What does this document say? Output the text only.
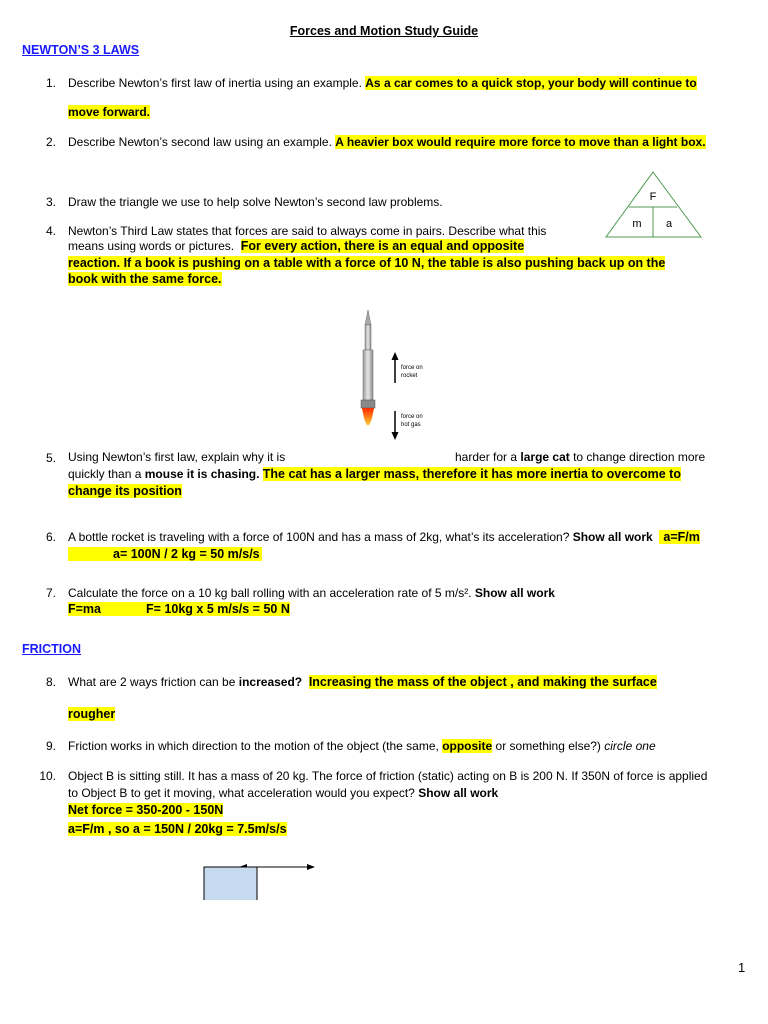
Forces and Motion Study Guide
NEWTON’S 3 LAWS
1. Describe Newton’s first law of inertia using an example. As a car comes to a quick stop, your body will continue to
move forward.
2. Describe Newton’s second law using an example. A heavier box would require more force to move than a light box.
3. Draw the triangle we use to help solve Newton’s second law problems.	F
m a
4. Newton’s Third Law states that forces are said to always come in pairs. Describe what this
means using words or pictures. For every action, there is an equal and opposite
reaction. If a book is pushing on a table with a force of 10 N, the table is also pushing back up on the
book with the same force.
force on
rocket
force on
hot gas
5. Using Newton’s first law, explain why it is	harder for a large cat to change direction more
quickly than a mouse it is chasing. The cat has a larger mass, therefore it has more inertia to overcome to
change its position
6. A bottle rocket is traveling with a force of 100N and has a mass of 2kg, what’s its acceleration? Show all work a=F/m
a= 100N / 2 kg = 50 m/s/s
7. Calculate the force on a 10 kg ball rolling with an acceleration rate of 5 m/s². Show all work
F=ma	F= 10kg x 5 m/s/s = 50 N
FRICTION
8. What are 2 ways friction can be increased? Increasing the mass of the object , and making the surface
rougher
9. Friction works in which direction to the motion of the object (the same, opposite or something else?) circle one
10. Object B is sitting still. It has a mass of 20 kg. The force of friction (static) acting on B is 200 N. If 350N of force is applied
to Object B to get it moving, what acceleration would you expect? Show all work
Net force = 350-200 - 150N
a=F/m , so a = 150N / 20kg = 7.5m/s/s
1
